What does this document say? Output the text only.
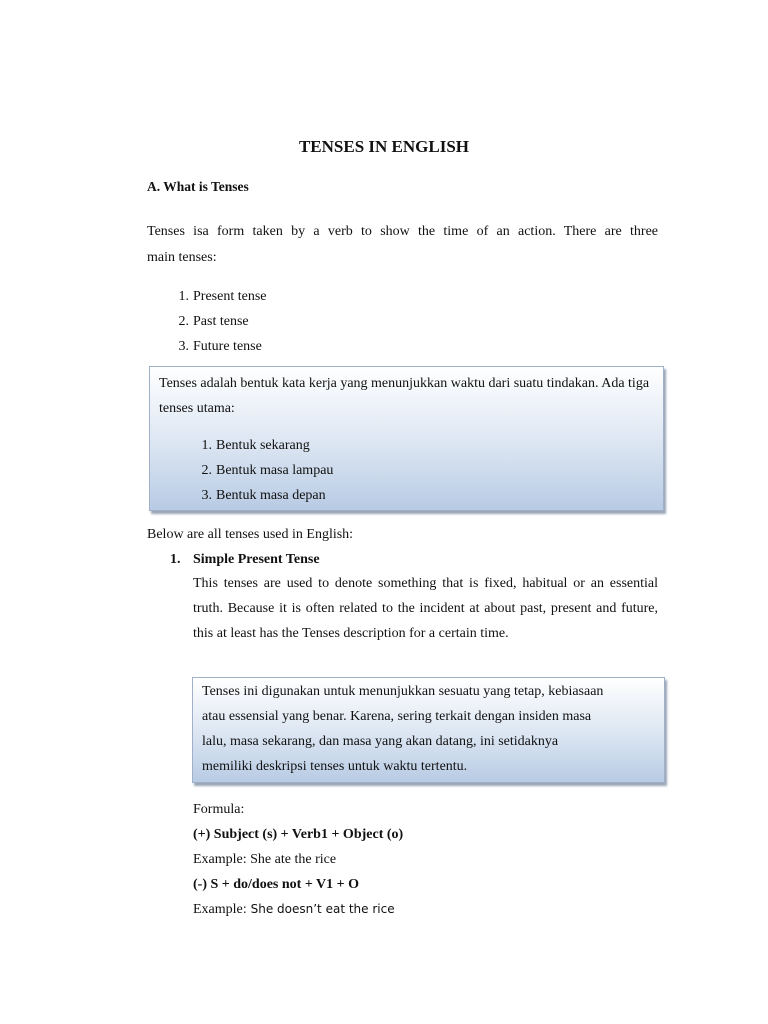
TENSES IN ENGLISH
A. What is Tenses
Tenses isa form taken by a verb to show the time of an action. There are three
main tenses:
1. Present tense
2. Past tense
3. Future tense
Tenses adalah bentuk kata kerja yang menunjukkan waktu dari suatu tindakan. Ada tiga tenses utama:
1. Bentuk sekarang
2. Bentuk masa lampau
3. Bentuk masa depan
Below are all tenses used in English:
1. Simple Present Tense
This tenses are used to denote something that is fixed, habitual or an essential truth. Because it is often related to the incident at about past, present and future, this at least has the Tenses description for a certain time.

Tenses ini digunakan untuk menunjukkan sesuatu yang tetap, kebiasaan

atau essensial yang benar. Karena, sering terkait dengan insiden masa

lalu, masa sekarang, dan masa yang akan datang, ini setidaknya

memiliki deskripsi tenses untuk waktu tertentu.

Formula:
(+) Subject (s) + Verb1 + Object (o)
Example: She ate the rice
(-) S + do/does not + V1 + O
Example: She doesn’t eat the rice
